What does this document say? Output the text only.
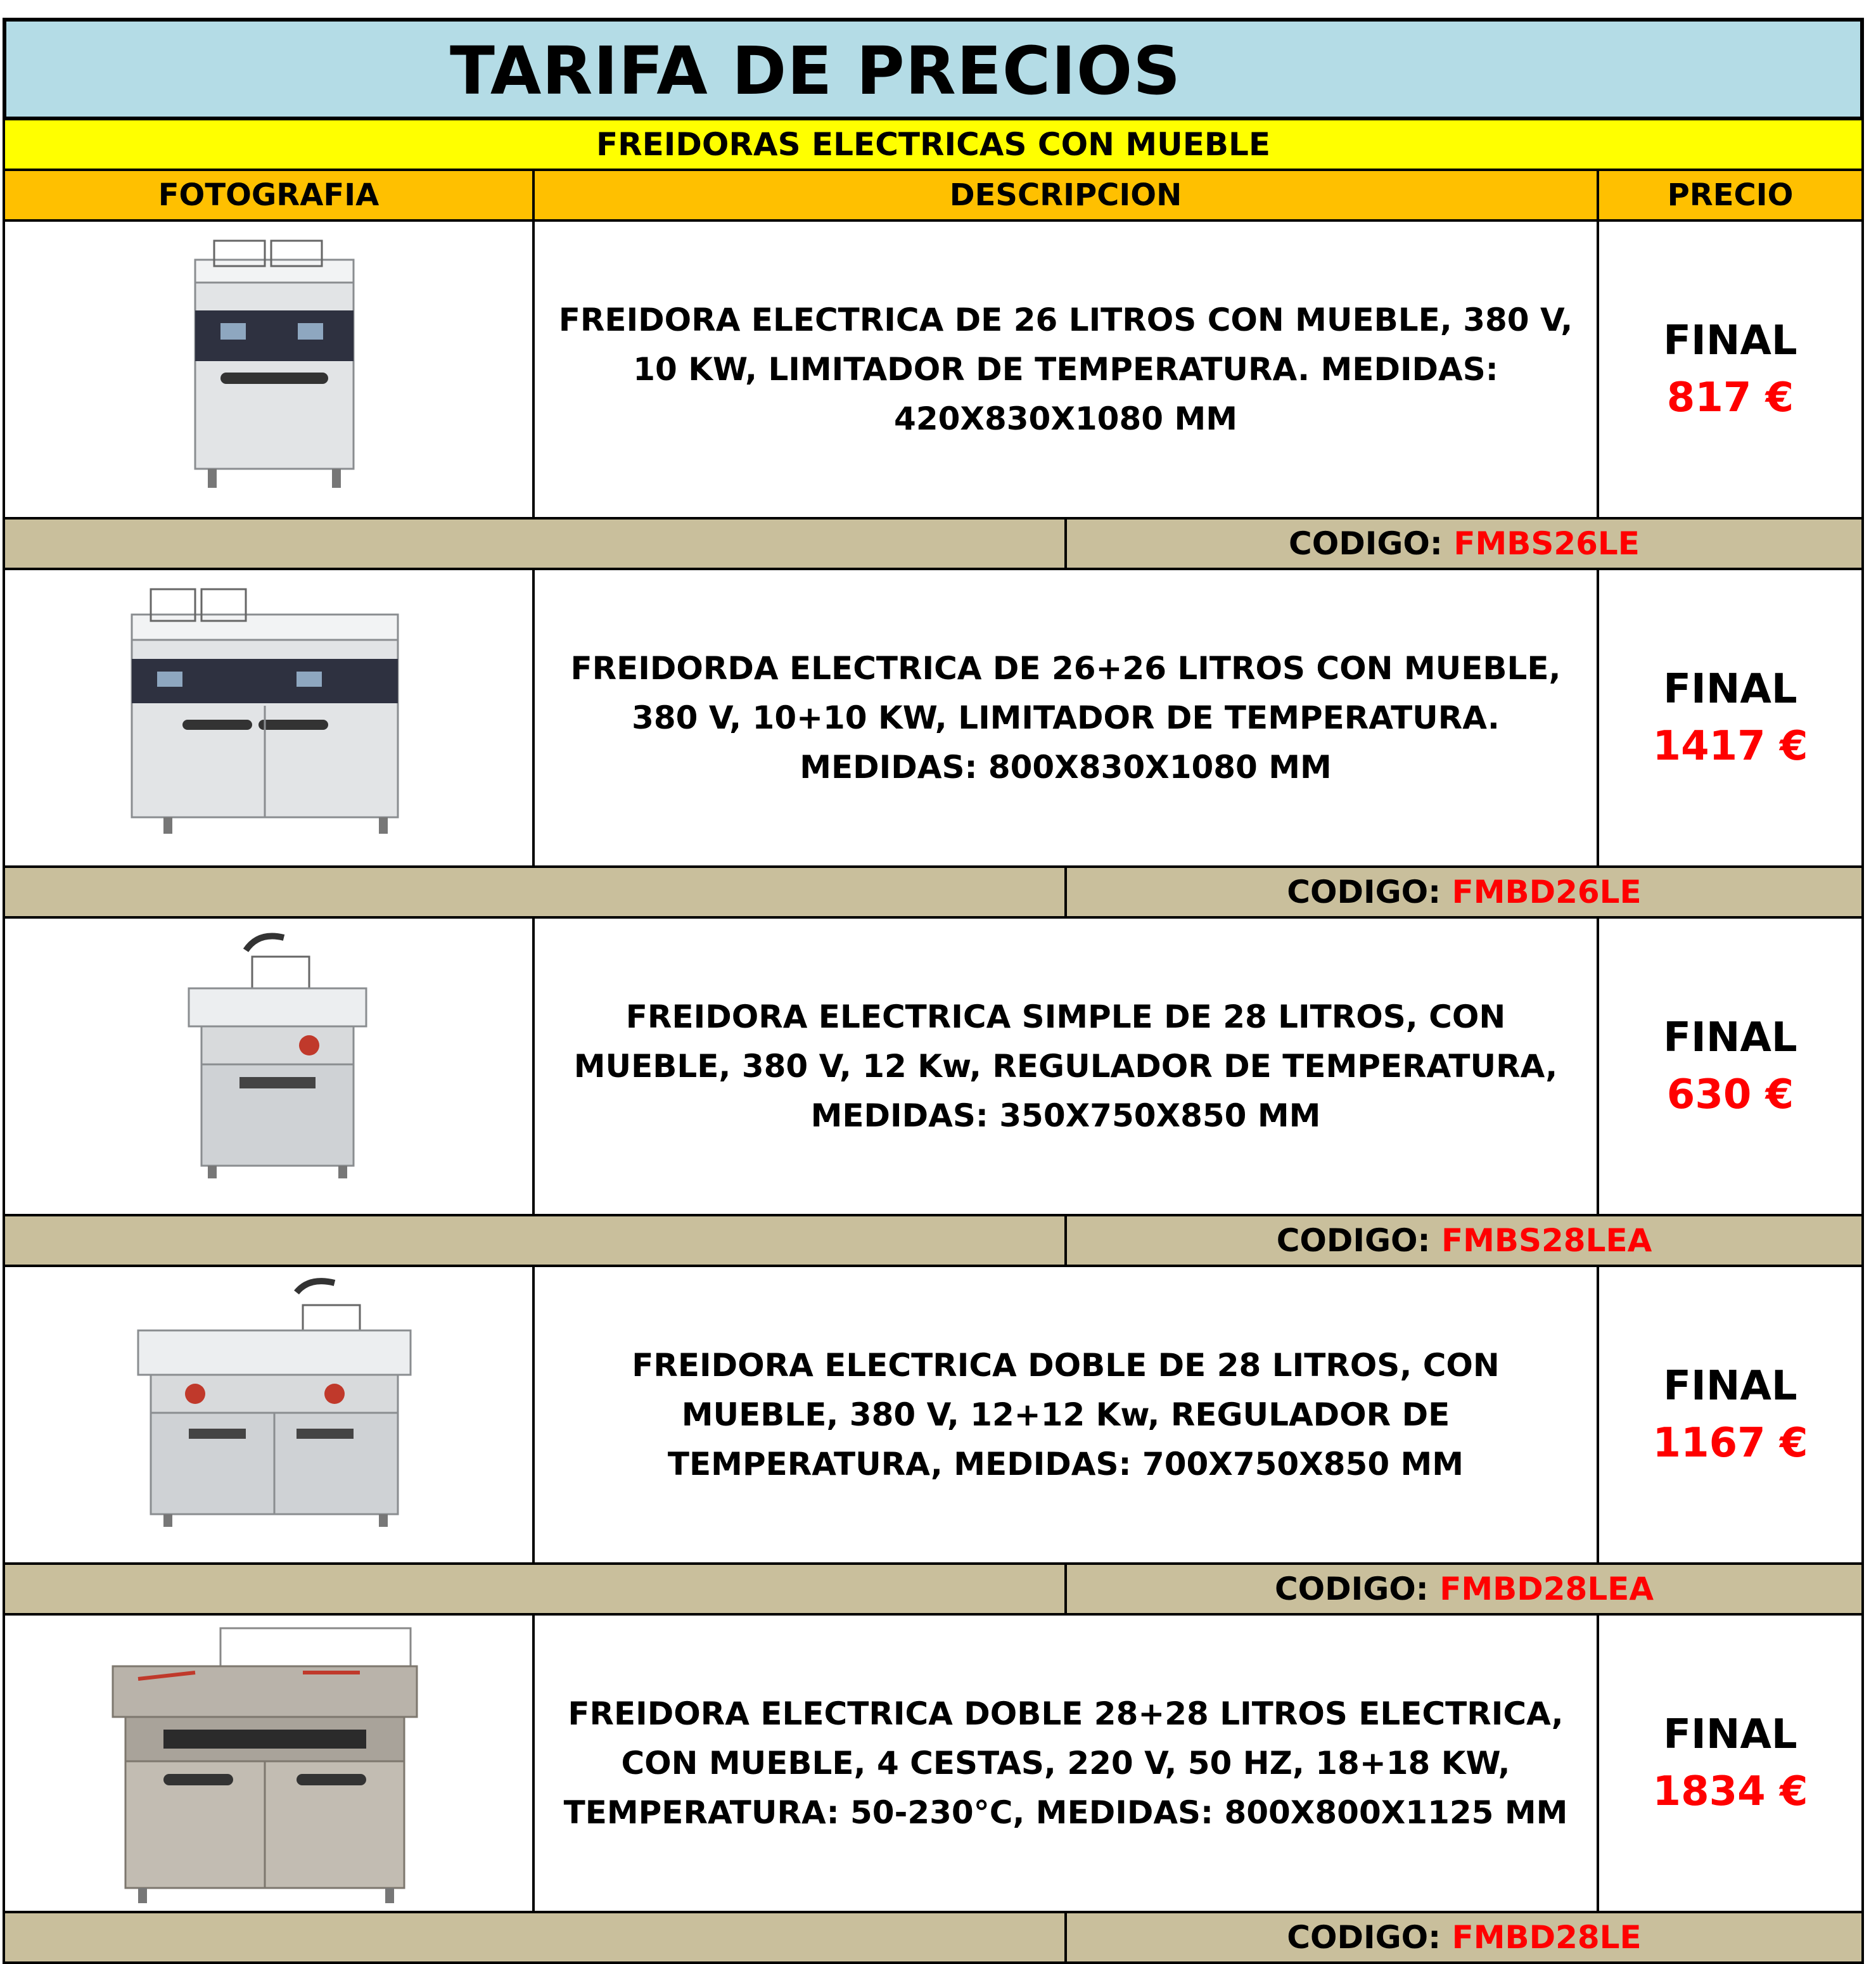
TARIFA DE PRECIOS
FREIDORAS ELECTRICAS CON MUEBLE
FOTOGRAFIA	DESCRIPCION	PRECIO
FREIDORA ELECTRICA DE 26 LITROS CON MUEBLE, 380 V, 10 KW, LIMITADOR DE TEMPERATURA. MEDIDAS: 420X830X1080 MM
FINAL
817 €
CODIGO: FMBS26LE
FREIDORDA ELECTRICA DE 26+26 LITROS CON MUEBLE, 380 V, 10+10 KW, LIMITADOR DE TEMPERATURA. MEDIDAS: 800X830X1080 MM
FINAL
1417 €
CODIGO: FMBD26LE
FREIDORA ELECTRICA SIMPLE DE 28 LITROS, CON MUEBLE, 380 V, 12 Kw, REGULADOR DE TEMPERATURA, MEDIDAS: 350X750X850 MM
FINAL
630 €
CODIGO: FMBS28LEA
FREIDORA ELECTRICA DOBLE DE 28 LITROS, CON MUEBLE, 380 V, 12+12 Kw, REGULADOR DE TEMPERATURA, MEDIDAS: 700X750X850 MM
FINAL
1167 €
CODIGO: FMBD28LEA
FREIDORA ELECTRICA DOBLE 28+28 LITROS ELECTRICA, CON MUEBLE, 4 CESTAS, 220 V, 50 HZ, 18+18 KW, TEMPERATURA: 50-230°C, MEDIDAS: 800X800X1125 MM
FINAL
1834 €
CODIGO: FMBD28LE
